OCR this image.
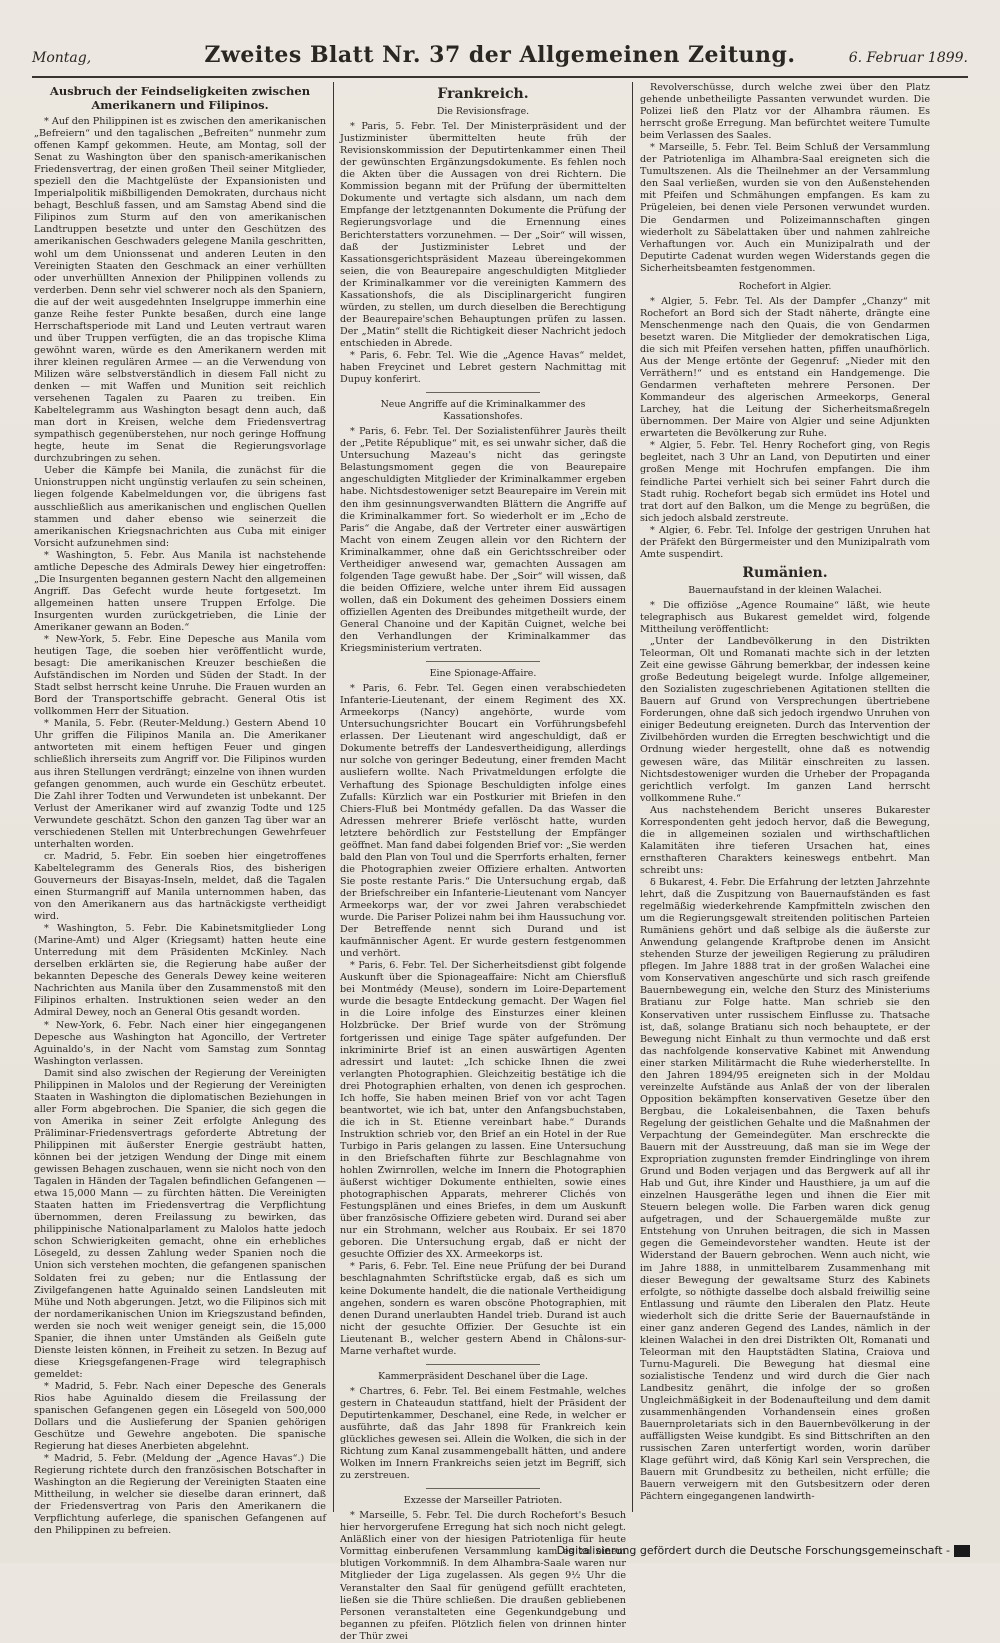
Montag,	Zweites Blatt Nr. 37 der Allgemeinen Zeitung.	6. Februar 1899.
Ausbruch der Feindseligkeiten zwischen Amerikanern und Filipinos.

* Auf den Philippinen ist es zwischen den amerikanischen „Befreiern“ und den tagalischen „Befreiten“ nunmehr zum offenen Kampf gekommen. Heute, am Montag, soll der Senat zu Washington über den spanisch-amerikanischen Friedensvertrag, der einen großen Theil seiner Mitglieder, speziell den die Machtgelüste der Expansionisten und Imperialpolitik mißbilligenden Demokraten, durchaus nicht behagt, Beschluß fassen, und am Samstag Abend sind die Filipinos zum Sturm auf den von amerikanischen Landtruppen besetzte und unter den Geschützen des amerikanischen Geschwaders gelegene Manila geschritten, wohl um dem Unionssenat und anderen Leuten in den Vereinigten Staaten den Geschmack an einer verhüllten oder unverhüllten Annexion der Philippinen vollends zu verderben. Denn sehr viel schwerer noch als den Spaniern, die auf der weit ausgedehnten Inselgruppe immerhin eine ganze Reihe fester Punkte besaßen, durch eine lange Herrschaftsperiode mit Land und Leuten vertraut waren und über Truppen verfügten, die an das tropische Klima gewöhnt waren, würde es den Amerikanern werden mit ihrer kleinen regulären Armee — an die Verwendung von Milizen wäre selbstverständlich in diesem Fall nicht zu denken — mit Waffen und Munition seit reichlich versehenen Tagalen zu Paaren zu treiben. Ein Kabeltelegramm aus Washington besagt denn auch, daß man dort in Kreisen, welche dem Friedensvertrag sympathisch gegenüberstehen, nur noch geringe Hoffnung hegte, heute im Senat die Regierungsvorlage durchzubringen zu sehen.

Ueber die Kämpfe bei Manila, die zunächst für die Unionstruppen nicht ungünstig verlaufen zu sein scheinen, liegen folgende Kabelmeldungen vor, die übrigens fast ausschließlich aus amerikanischen und englischen Quellen stammen und daher ebenso wie seinerzeit die amerikanischen Kriegsnachrichten aus Cuba mit einiger Vorsicht aufzunehmen sind:

* Washington, 5. Febr. Aus Manila ist nachstehende amtliche Depesche des Admirals Dewey hier eingetroffen: „Die Insurgenten begannen gestern Nacht den allgemeinen Angriff. Das Gefecht wurde heute fortgesetzt. Im allgemeinen hatten unsere Truppen Erfolge. Die Insurgenten wurden zurückgetrieben, die Linie der Amerikaner gewann an Boden.“

* New-York, 5. Febr. Eine Depesche aus Manila vom heutigen Tage, die soeben hier veröffentlicht wurde, besagt: Die amerikanischen Kreuzer beschießen die Aufständischen im Norden und Süden der Stadt. In der Stadt selbst herrscht keine Unruhe. Die Frauen wurden an Bord der Transportschiffe gebracht. General Otis ist vollkommen Herr der Situation.

* Manila, 5. Febr. (Reuter-Meldung.) Gestern Abend 10 Uhr griffen die Filipinos Manila an. Die Amerikaner antworteten mit einem heftigen Feuer und gingen schließlich ihrerseits zum Angriff vor. Die Filipinos wurden aus ihren Stellungen verdrängt; einzelne von ihnen wurden gefangen genommen, auch wurde ein Geschütz erbeutet. Die Zahl ihrer Todten und Verwundeten ist unbekannt. Der Verlust der Amerikaner wird auf zwanzig Todte und 125 Verwundete geschätzt. Schon den ganzen Tag über war an verschiedenen Stellen mit Unterbrechungen Gewehrfeuer unterhalten worden.

cr. Madrid, 5. Febr. Ein soeben hier eingetroffenes Kabeltelegramm des Generals Rios, des bisherigen Gouverneurs der Bisayas-Inseln, meldet, daß die Tagalen einen Sturmangriff auf Manila unternommen haben, das von den Amerikanern aus das hartnäckigste vertheidigt wird.

* Washington, 5. Febr. Die Kabinetsmitglieder Long (Marine-Amt) und Alger (Kriegsamt) hatten heute eine Unterredung mit dem Präsidenten McKinley. Nach derselben erklärten sie, die Regierung habe außer der bekannten Depesche des Generals Dewey keine weiteren Nachrichten aus Manila über den Zusammenstoß mit den Filipinos erhalten. Instruktionen seien weder an den Admiral Dewey, noch an General Otis gesandt worden.

* New-York, 6. Febr. Nach einer hier eingegangenen Depesche aus Washington hat Agoncillo, der Vertreter Aguinaldo's, in der Nacht vom Samstag zum Sonntag Washington verlassen.

Damit sind also zwischen der Regierung der Vereinigten Philippinen in Malolos und der Regierung der Vereinigten Staaten in Washington die diplomatischen Beziehungen in aller Form abgebrochen. Die Spanier, die sich gegen die von Amerika in seiner Zeit erfolgte Anlegung des Präliminar-Friedensvertrags geforderte Abtretung der Philippinen mit äußerster Energie gesträubt hatten, können bei der jetzigen Wendung der Dinge mit einem gewissen Behagen zuschauen, wenn sie nicht noch von den Tagalen in Händen der Tagalen befindlichen Gefangenen — etwa 15,000 Mann — zu fürchten hätten. Die Vereinigten Staaten hatten im Friedensvertrag die Verpflichtung übernommen, deren Freilassung zu bewirken, das philippinische Nationalparlament zu Malolos hatte jedoch schon Schwierigkeiten gemacht, ohne ein erhebliches Lösegeld, zu dessen Zahlung weder Spanien noch die Union sich verstehen mochten, die gefangenen spanischen Soldaten frei zu geben; nur die Entlassung der Zivilgefangenen hatte Aguinaldo seinen Landsleuten mit Mühe und Noth abgerungen. Jetzt, wo die Filipinos sich mit der nordamerikanischen Union im Kriegszustand befinden, werden sie noch weit weniger geneigt sein, die 15,000 Spanier, die ihnen unter Umständen als Geißeln gute Dienste leisten können, in Freiheit zu setzen. In Bezug auf diese Kriegsgefangenen-Frage wird telegraphisch gemeldet:

* Madrid, 5. Febr. Nach einer Depesche des Generals Rios habe Aguinaldo diesem die Freilassung der spanischen Gefangenen gegen ein Lösegeld von 500,000 Dollars und die Auslieferung der Spanien gehörigen Geschütze und Gewehre angeboten. Die spanische Regierung hat dieses Anerbieten abgelehnt.

* Madrid, 5. Febr. (Meldung der „Agence Havas“.) Die Regierung richtete durch den französischen Botschafter in Washington an die Regierung der Vereinigten Staaten eine Mittheilung, in welcher sie dieselbe daran erinnert, daß der Friedensvertrag von Paris den Amerikanern die Verpflichtung auferlege, die spanischen Gefangenen auf den Philippinen zu befreien.

Frankreich.
Die Revisionsfrage.

* Paris, 5. Febr. Tel. Der Ministerpräsident und der Justizminister übermittelten heute früh der Revisionskommission der Deputirtenkammer einen Theil der gewünschten Ergänzungsdokumente. Es fehlen noch die Akten über die Aussagen von drei Richtern. Die Kommission begann mit der Prüfung der übermittelten Dokumente und vertagte sich alsdann, um nach dem Empfange der letztgenannten Dokumente die Prüfung der Regierungsvorlage und die Ernennung eines Berichterstatters vorzunehmen. — Der „Soir“ will wissen, daß der Justizminister Lebret und der Kassationsgerichtspräsident Mazeau übereingekommen seien, die von Beaurepaire angeschuldigten Mitglieder der Kriminalkammer vor die vereinigten Kammern des Kassationshofs, die als Disciplinargericht fungiren würden, zu stellen, um durch dieselben die Berechtigung der Beaurepaire'schen Behauptungen prüfen zu lassen. Der „Matin“ stellt die Richtigkeit dieser Nachricht jedoch entschieden in Abrede.

* Paris, 6. Febr. Tel. Wie die „Agence Havas“ meldet, haben Freycinet und Lebret gestern Nachmittag mit Dupuy konferirt.

Neue Angriffe auf die Kriminalkammer des Kassationshofes.

* Paris, 6. Febr. Tel. Der Sozialistenführer Jaurès theilt der „Petite République“ mit, es sei unwahr sicher, daß die Untersuchung Mazeau's nicht das geringste Belastungsmoment gegen die von Beaurepaire angeschuldigten Mitglieder der Kriminalkammer ergeben habe. Nichtsdestoweniger setzt Beaurepaire im Verein mit den ihm gesinnungsverwandten Blättern die Angriffe auf die Kriminalkammer fort. So wiederholt er im „Echo de Paris“ die Angabe, daß der Vertreter einer auswärtigen Macht von einem Zeugen allein vor den Richtern der Kriminalkammer, ohne daß ein Gerichtsschreiber oder Vertheidiger anwesend war, gemachten Aussagen am folgenden Tage gewußt habe. Der „Soir“ will wissen, daß die beiden Offiziere, welche unter ihrem Eid aussagen wollen, daß ein Dokument des geheimen Dossiers einem offiziellen Agenten des Dreibundes mitgetheilt wurde, der General Chanoine und der Kapitän Cuignet, welche bei den Verhandlungen der Kriminalkammer das Kriegsministerium vertraten.

Eine Spionage-Affaire.

* Paris, 6. Febr. Tel. Gegen einen verabschiedeten Infanterie-Lieutenant, der einem Regiment des XX. Armeekorps (Nancy) angehörte, wurde vom Untersuchungsrichter Boucart ein Vorführungsbefehl erlassen. Der Lieutenant wird angeschuldigt, daß er Dokumente betreffs der Landesvertheidigung, allerdings nur solche von geringer Bedeutung, einer fremden Macht ausliefern wollte. Nach Privatmeldungen erfolgte die Verhaftung des Spionage Beschuldigten infolge eines Zufalls: Kürzlich war ein Postkurier mit Briefen in den Chiers-Fluß bei Montmédy gefallen. Da das Wasser die Adressen mehrerer Briefe verlöscht hatte, wurden letztere behördlich zur Feststellung der Empfänger geöffnet. Man fand dabei folgenden Brief vor: „Sie werden bald den Plan von Toul und die Sperrforts erhalten, ferner die Photographien zweier Offiziere erhalten. Antworten Sie poste restante Paris.“ Die Untersuchung ergab, daß der Briefschreiber ein Infanterie-Lieutenant vom Nancyer Armeekorps war, der vor zwei Jahren verabschiedet wurde. Die Pariser Polizei nahm bei ihm Haussuchung vor. Der Betreffende nennt sich Durand und ist kaufmännischer Agent. Er wurde gestern festgenommen und verhört.

* Paris, 6. Febr. Tel. Der Sicherheitsdienst gibt folgende Auskunft über die Spionageaffaire: Nicht am Chiersfluß bei Montmédy (Meuse), sondern im Loire-Departement wurde die besagte Entdeckung gemacht. Der Wagen fiel in die Loire infolge des Einsturzes einer kleinen Holzbrücke. Der Brief wurde von der Strömung fortgerissen und einige Tage später aufgefunden. Der inkriminirte Brief ist an einen auswärtigen Agenten adressirt und lautet: „Ich schicke Ihnen die zwei verlangten Photographien. Gleichzeitig bestätige ich die drei Photographien erhalten, von denen ich gesprochen. Ich hoffe, Sie haben meinen Brief von vor acht Tagen beantwortet, wie ich bat, unter den Anfangsbuchstaben, die ich in St. Etienne vereinbart habe.“ Durands Instruktion schrieb vor, den Brief an ein Hotel in der Rue Turbigo in Paris gelangen zu lassen. Eine Untersuchung in den Briefschaften führte zur Beschlagnahme von hohlen Zwirnrollen, welche im Innern die Photographien äußerst wichtiger Dokumente enthielten, sowie eines photographischen Apparats, mehrerer Clichés von Festungsplänen und eines Briefes, in dem um Auskunft über französische Offiziere gebeten wird. Durand sei aber nur ein Strohmann, welcher aus Roubaix. Er sei 1870 geboren. Die Untersuchung ergab, daß er nicht der gesuchte Offizier des XX. Armeekorps ist.

* Paris, 6. Febr. Tel. Eine neue Prüfung der bei Durand beschlagnahmten Schriftstücke ergab, daß es sich um keine Dokumente handelt, die die nationale Vertheidigung angehen, sondern es waren obscöne Photographien, mit denen Durand unerlaubten Handel trieb. Durand ist auch nicht der gesuchte Offizier. Der Gesuchte ist ein Lieutenant B., welcher gestern Abend in Châlons-sur-Marne verhaftet wurde.

Kammerpräsident Deschanel über die Lage.

* Chartres, 6. Febr. Tel. Bei einem Festmahle, welches gestern in Chateaudun stattfand, hielt der Präsident der Deputirtenkammer, Deschanel, eine Rede, in welcher er ausführte, daß das Jahr 1898 für Frankreich kein glückliches gewesen sei. Allein die Wolken, die sich in der Richtung zum Kanal zusammengeballt hätten, und andere Wolken im Innern Frankreichs seien jetzt im Begriff, sich zu zerstreuen.

Exzesse der Marseiller Patrioten.

* Marseille, 5. Febr. Tel. Die durch Rochefort's Besuch hier hervorgerufene Erregung hat sich noch nicht gelegt. Anläßlich einer von der hiesigen Patriotenliga für heute Vormittag einberufenen Versammlung kam es zu einem blutigen Vorkommniß. In dem Alhambra-Saale waren nur Mitglieder der Liga zugelassen. Als gegen 9½ Uhr die Veranstalter den Saal für genügend gefüllt erachteten, ließen sie die Thüre schließen. Die draußen gebliebenen Personen veranstalteten eine Gegenkundgebung und begannen zu pfeifen. Plötzlich fielen von drinnen hinter der Thür zwei

Revolverschüsse, durch welche zwei über den Platz gehende unbetheiligte Passanten verwundet wurden. Die Polizei ließ den Platz vor der Alhambra räumen. Es herrscht große Erregung. Man befürchtet weitere Tumulte beim Verlassen des Saales.

* Marseille, 5. Febr. Tel. Beim Schluß der Versammlung der Patriotenliga im Alhambra-Saal ereigneten sich die Tumultszenen. Als die Theilnehmer an der Versammlung den Saal verließen, wurden sie von den Außenstehenden mit Pfeifen und Schmähungen empfangen. Es kam zu Prügeleien, bei denen viele Personen verwundet wurden. Die Gendarmen und Polizeimannschaften gingen wiederholt zu Säbelattaken über und nahmen zahlreiche Verhaftungen vor. Auch ein Munizipalrath und der Deputirte Cadenat wurden wegen Widerstands gegen die Sicherheitsbeamten festgenommen.

Rochefort in Algier.

* Algier, 5. Febr. Tel. Als der Dampfer „Chanzy“ mit Rochefort an Bord sich der Stadt näherte, drängte eine Menschenmenge nach den Quais, die von Gendarmen besetzt waren. Die Mitglieder der demokratischen Liga, die sich mit Pfeifen versehen hatten, pfiffen unaufhörlich. Aus der Menge ertönte der Gegenruf: „Nieder mit den Verräthern!“ und es entstand ein Handgemenge. Die Gendarmen verhafteten mehrere Personen. Der Kommandeur des algerischen Armeekorps, General Larchey, hat die Leitung der Sicherheitsmaßregeln übernommen. Der Maire von Algier und seine Adjunkten erwarteten die Bevölkerung zur Ruhe.

* Algier, 5. Febr. Tel. Henry Rochefort ging, von Regis begleitet, nach 3 Uhr an Land, von Deputirten und einer großen Menge mit Hochrufen empfangen. Die ihm feindliche Partei verhielt sich bei seiner Fahrt durch die Stadt ruhig. Rochefort begab sich ermüdet ins Hotel und trat dort auf den Balkon, um die Menge zu begrüßen, die sich jedoch alsbald zerstreute.

* Algier, 6. Febr. Tel. Infolge der gestrigen Unruhen hat der Präfekt den Bürgermeister und den Munizipalrath vom Amte suspendirt.

Rumänien.
Bauernaufstand in der kleinen Walachei.

* Die offiziöse „Agence Roumaine“ läßt, wie heute telegraphisch aus Bukarest gemeldet wird, folgende Mittheilung veröffentlicht:

„Unter der Landbevölkerung in den Distrikten Teleorman, Olt und Romanati machte sich in der letzten Zeit eine gewisse Gährung bemerkbar, der indessen keine große Bedeutung beigelegt wurde. Infolge allgemeiner, den Sozialisten zugeschriebenen Agitationen stellten die Bauern auf Grund von Versprechungen übertriebene Forderungen, ohne daß sich jedoch irgendwo Unruhen von einiger Bedeutung ereigneten. Durch das Intervention der Zivilbehörden wurden die Erregten beschwichtigt und die Ordnung wieder hergestellt, ohne daß es notwendig gewesen wäre, das Militär einschreiten zu lassen. Nichtsdestoweniger wurden die Urheber der Propaganda gerichtlich verfolgt. Im ganzen Land herrscht vollkommene Ruhe.“

Aus nachstehendem Bericht unseres Bukarester Korrespondenten geht jedoch hervor, daß die Bewegung, die in allgemeinen sozialen und wirthschaftlichen Kalamitäten ihre tieferen Ursachen hat, eines ernsthafteren Charakters keineswegs entbehrt. Man schreibt uns:

δ Bukarest, 4. Febr. Die Erfahrung der letzten Jahrzehnte lehrt, daß die Zuspitzung von Bauernaufständen es fast regelmäßig wiederkehrende Kampfmitteln zwischen den um die Regierungsgewalt streitenden politischen Parteien Rumäniens gehört und daß selbige als die äußerste zur Anwendung gelangende Kraftprobe denen im Ansicht stehenden Sturze der jeweiligen Regierung zu präludiren pflegen. Im Jahre 1888 trat in der großen Walachei eine vom Konservativen angeschürte und sich rasch greifende Bauernbewegung ein, welche den Sturz des Ministeriums Bratianu zur Folge hatte. Man schrieb sie den Konservativen unter russischem Einflusse zu. Thatsache ist, daß, solange Bratianu sich noch behauptete, er der Bewegung nicht Einhalt zu thun vermochte und daß erst das nachfolgende konservative Kabinet mit Anwendung einer starken Militärmacht die Ruhe wiederherstellte. In den Jahren 1894/95 ereigneten sich in der Moldau vereinzelte Aufstände aus Anlaß der von der liberalen Opposition bekämpften konservativen Gesetze über den Bergbau, die Lokaleisenbahnen, die Taxen behufs Regelung der geistlichen Gehalte und die Maßnahmen der Verpachtung der Gemeindegüter. Man erschreckte die Bauern mit der Ausstreuung, daß man sie im Wege der Expropriation zugunsten fremder Eindringlinge von ihrem Grund und Boden verjagen und das Bergwerk auf all ihr Hab und Gut, ihre Kinder und Hausthiere, ja um auf die einzelnen Hausgeräthe legen und ihnen die Eier mit Steuern belegen wolle. Die Farben waren dick genug aufgetragen, und der Schauergemälde mußte zur Entstehung von Unruhen beitragen, die sich in Massen gegen die Gemeindevorsteher wandten. Heute ist der Widerstand der Bauern gebrochen. Wenn auch nicht, wie im Jahre 1888, in unmittelbarem Zusammenhang mit dieser Bewegung der gewaltsame Sturz des Kabinets erfolgte, so nöthigte dasselbe doch alsbald freiwillig seine Entlassung und räumte den Liberalen den Platz. Heute wiederholt sich die dritte Serie der Bauernaufstände in einer ganz anderen Gegend des Landes, nämlich in der kleinen Walachei in den drei Distrikten Olt, Romanati und Teleorman mit den Hauptstädten Slatina, Craiova und Turnu-Magureli. Die Bewegung hat diesmal eine sozialistische Tendenz und wird durch die Gier nach Landbesitz genährt, die infolge der so großen Ungleichmäßigkeit in der Bodenaufteilung und dem damit zusammenhängenden Vorhandensein eines großen Bauernproletariats sich in den Bauernbevölkerung in der auffälligsten Weise kundgibt. Es sind Bittschriften an den russischen Zaren unterfertigt worden, worin darüber Klage geführt wird, daß König Karl sein Versprechen, die Bauern mit Grundbesitz zu betheilen, nicht erfülle; die Bauern verweigern mit den Gutsbesitzern oder deren Pächtern eingegangenen landwirth-

Digitalisierung gefördert durch die Deutsche Forschungsgemeinschaft -
